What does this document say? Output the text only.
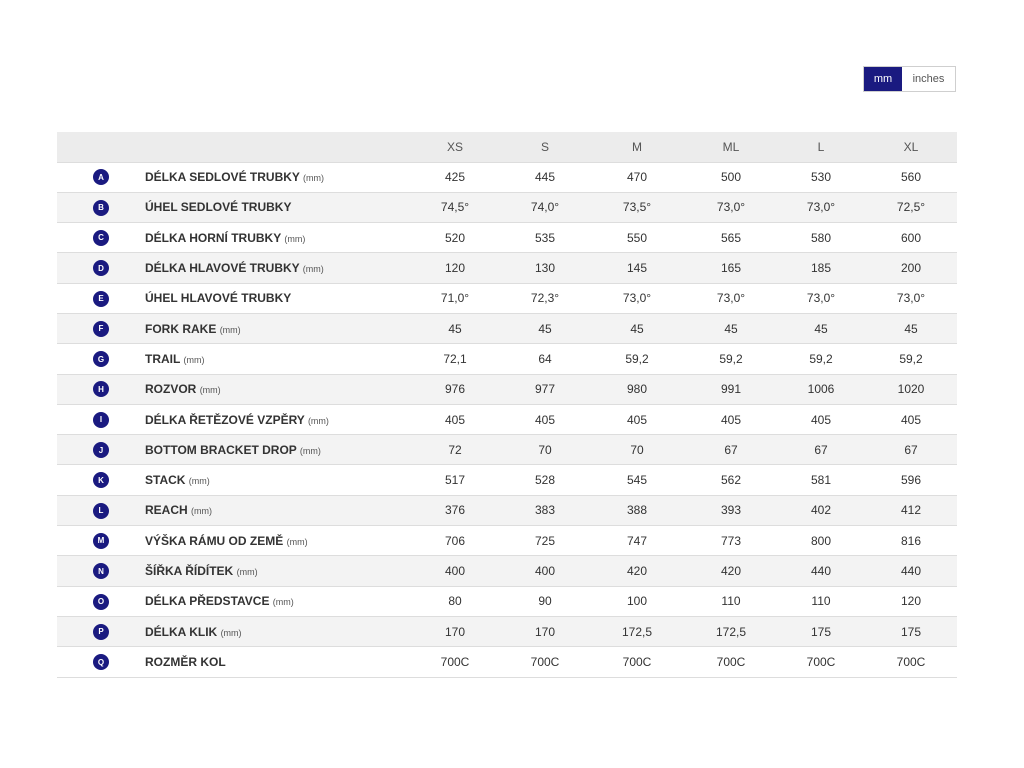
mm	inches
		XS	S	M	ML	L	XL
A	DÉLKA SEDLOVÉ TRUBKY (mm)	425	445	470	500	530	560
B	ÚHEL SEDLOVÉ TRUBKY	74,5°	74,0°	73,5°	73,0°	73,0°	72,5°
C	DÉLKA HORNÍ TRUBKY (mm)	520	535	550	565	580	600
D	DÉLKA HLAVOVÉ TRUBKY (mm)	120	130	145	165	185	200
E	ÚHEL HLAVOVÉ TRUBKY	71,0°	72,3°	73,0°	73,0°	73,0°	73,0°
F	FORK RAKE (mm)	45	45	45	45	45	45
G	TRAIL (mm)	72,1	64	59,2	59,2	59,2	59,2
H	ROZVOR (mm)	976	977	980	991	1006	1020
I	DÉLKA ŘETĚZOVÉ VZPĚRY (mm)	405	405	405	405	405	405
J	BOTTOM BRACKET DROP (mm)	72	70	70	67	67	67
K	STACK (mm)	517	528	545	562	581	596
L	REACH (mm)	376	383	388	393	402	412
M	VÝŠKA RÁMU OD ZEMĚ (mm)	706	725	747	773	800	816
N	ŠÍŘKA ŘÍDÍTEK (mm)	400	400	420	420	440	440
O	DÉLKA PŘEDSTAVCE (mm)	80	90	100	110	110	120
P	DÉLKA KLIK (mm)	170	170	172,5	172,5	175	175
Q	ROZMĚR KOL	700C	700C	700C	700C	700C	700C
